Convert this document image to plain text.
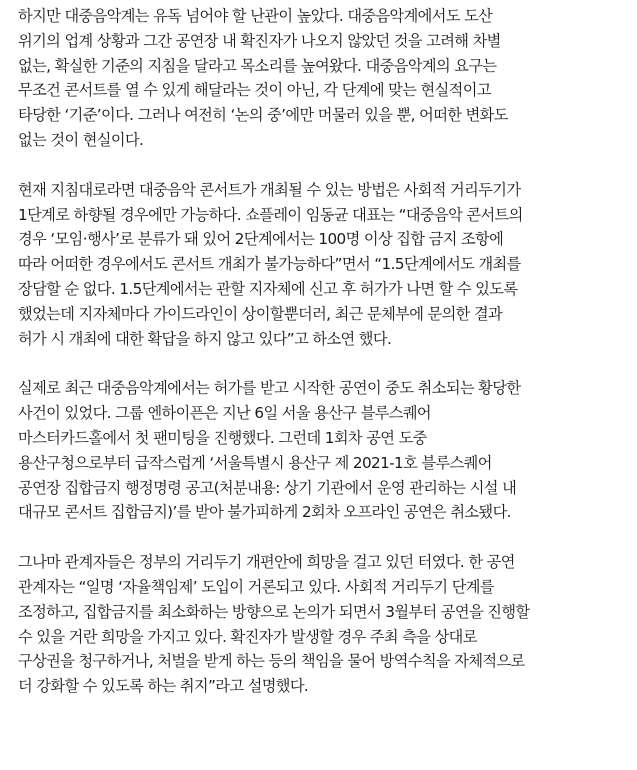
하지만 대중음악계는 유독 넘어야 할 난관이 높았다. 대중음악계에서도 도산
위기의 업계 상황과 그간 공연장 내 확진자가 나오지 않았던 것을 고려해 차별
없는, 확실한 기준의 지침을 달라고 목소리를 높여왔다. 대중음악계의 요구는
무조건 콘서트를 열 수 있게 해달라는 것이 아닌, 각 단계에 맞는 현실적이고
타당한 ‘기준’이다. 그러나 여전히 ‘논의 중’에만 머물러 있을 뿐, 어떠한 변화도
없는 것이 현실이다.

현재 지침대로라면 대중음악 콘서트가 개최될 수 있는 방법은 사회적 거리두기가
1단계로 하향될 경우에만 가능하다. 쇼플레이 임동균 대표는 “대중음악 콘서트의
경우 ‘모임·행사’로 분류가 돼 있어 2단계에서는 100명 이상 집합 금지 조항에
따라 어떠한 경우에서도 콘서트 개최가 불가능하다”면서 “1.5단계에서도 개최를
장담할 순 없다. 1.5단계에서는 관할 지자체에 신고 후 허가가 나면 할 수 있도록
했었는데 지자체마다 가이드라인이 상이할뿐더러, 최근 문체부에 문의한 결과
허가 시 개최에 대한 확답을 하지 않고 있다”고 하소연 했다.

실제로 최근 대중음악계에서는 허가를 받고 시작한 공연이 중도 취소되는 황당한
사건이 있었다. 그룹 엔하이픈은 지난 6일 서울 용산구 블루스퀘어
마스터카드홀에서 첫 팬미팅을 진행했다. 그런데 1회차 공연 도중
용산구청으로부터 급작스럽게 ‘서울특별시 용산구 제 2021-1호 블루스퀘어
공연장 집합금지 행정명령 공고(처분내용: 상기 기관에서 운영 관리하는 시설 내
대규모 콘서트 집합금지)’를 받아 불가피하게 2회차 오프라인 공연은 취소됐다.

그나마 관계자들은 정부의 거리두기 개편안에 희망을 걸고 있던 터였다. 한 공연
관계자는 “일명 ‘자율책임제’ 도입이 거론되고 있다. 사회적 거리두기 단계를
조정하고, 집합금지를 최소화하는 방향으로 논의가 되면서 3월부터 공연을 진행할
수 있을 거란 희망을 가지고 있다. 확진자가 발생할 경우 주최 측을 상대로
구상권을 청구하거나, 처벌을 받게 하는 등의 책임을 물어 방역수칙을 자체적으로
더 강화할 수 있도록 하는 취지”라고 설명했다.
